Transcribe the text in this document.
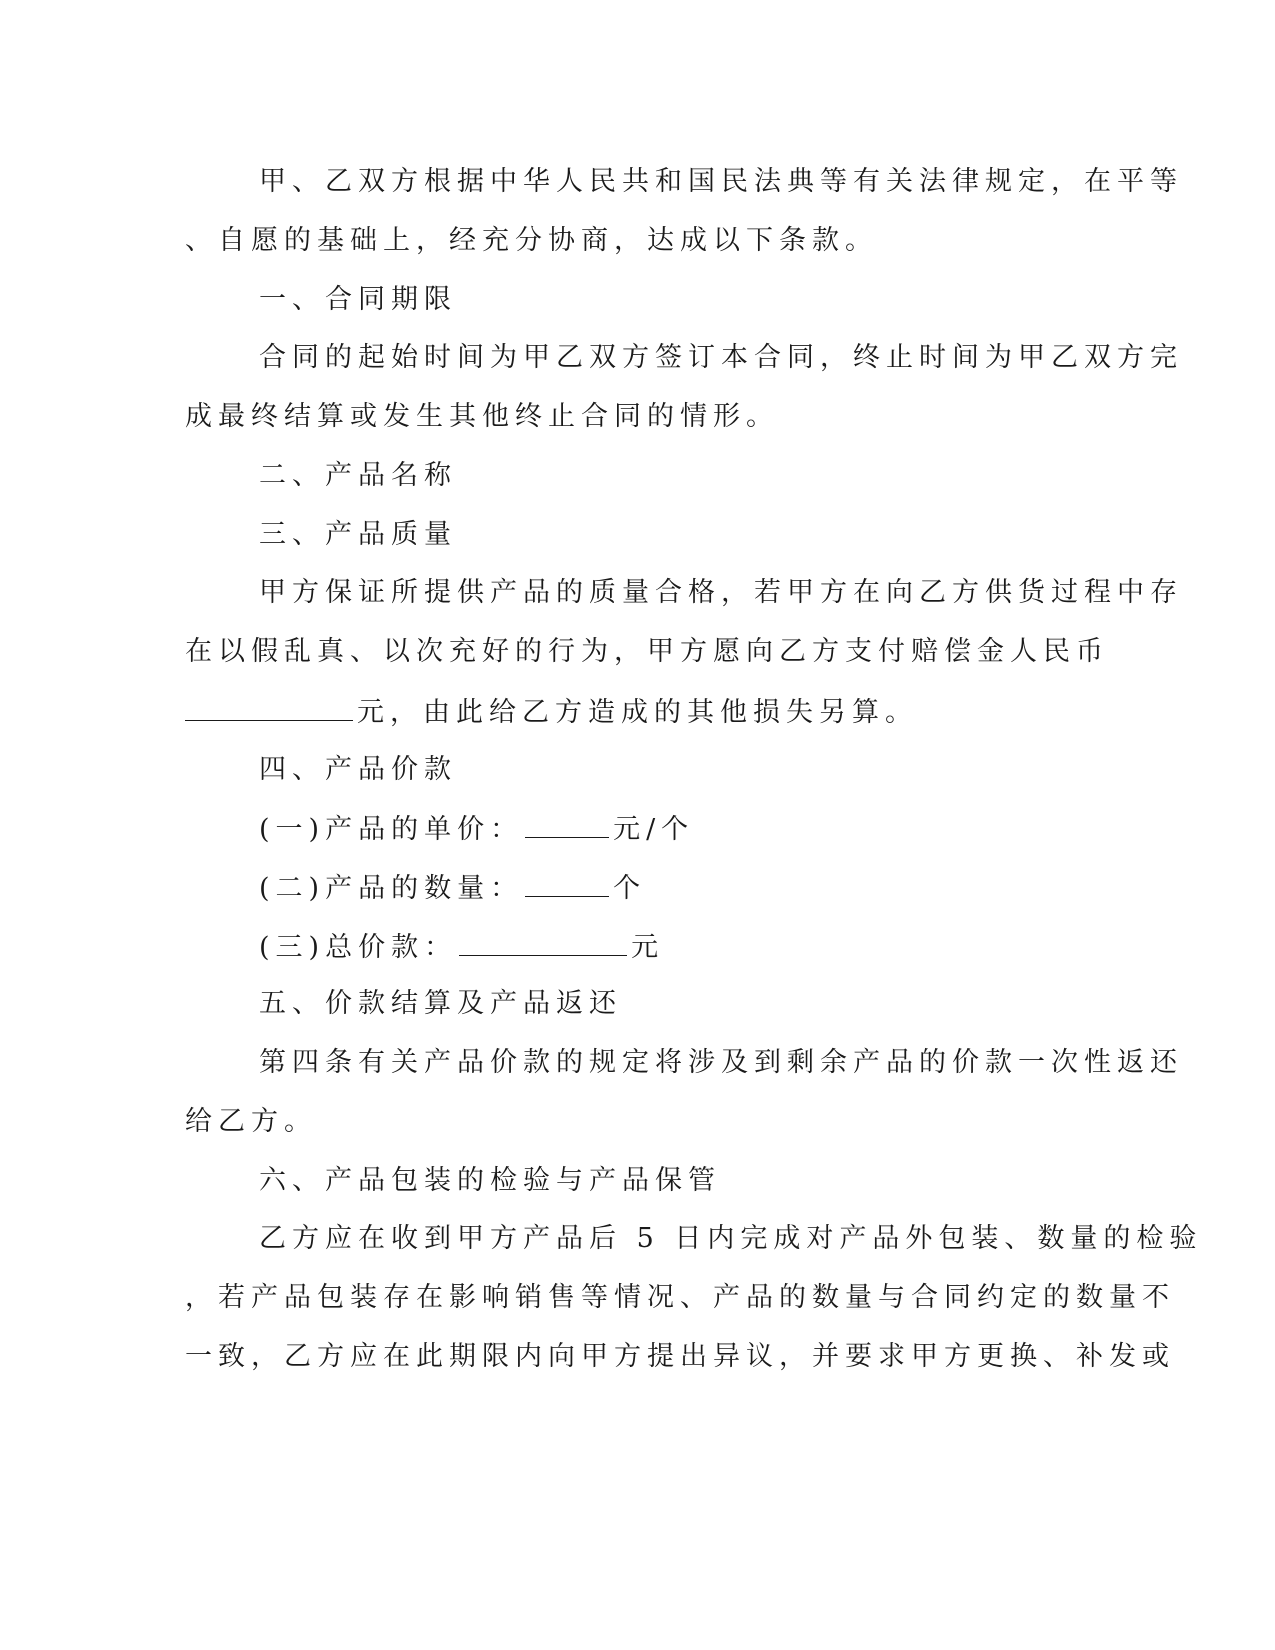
甲、乙双方根据中华人民共和国民法典等有关法律规定，在平等
、自愿的基础上，经充分协商，达成以下条款。
一、合同期限
合同的起始时间为甲乙双方签订本合同，终止时间为甲乙双方完
成最终结算或发生其他终止合同的情形。
二、产品名称
三、产品质量
甲方保证所提供产品的质量合格，若甲方在向乙方供货过程中存
在以假乱真、以次充好的行为，甲方愿向乙方支付赔偿金人民币
元，由此给乙方造成的其他损失另算。
四、产品价款
(一)产品的单价：	元/个
(二)产品的数量：	个
(三)总价款：	元
五、价款结算及产品返还
第四条有关产品价款的规定将涉及到剩余产品的价款一次性返还
给乙方。
六、产品包装的检验与产品保管
乙方应在收到甲方产品后 5 日内完成对产品外包装、数量的检验
，若产品包装存在影响销售等情况、产品的数量与合同约定的数量不
一致，乙方应在此期限内向甲方提出异议，并要求甲方更换、补发或
